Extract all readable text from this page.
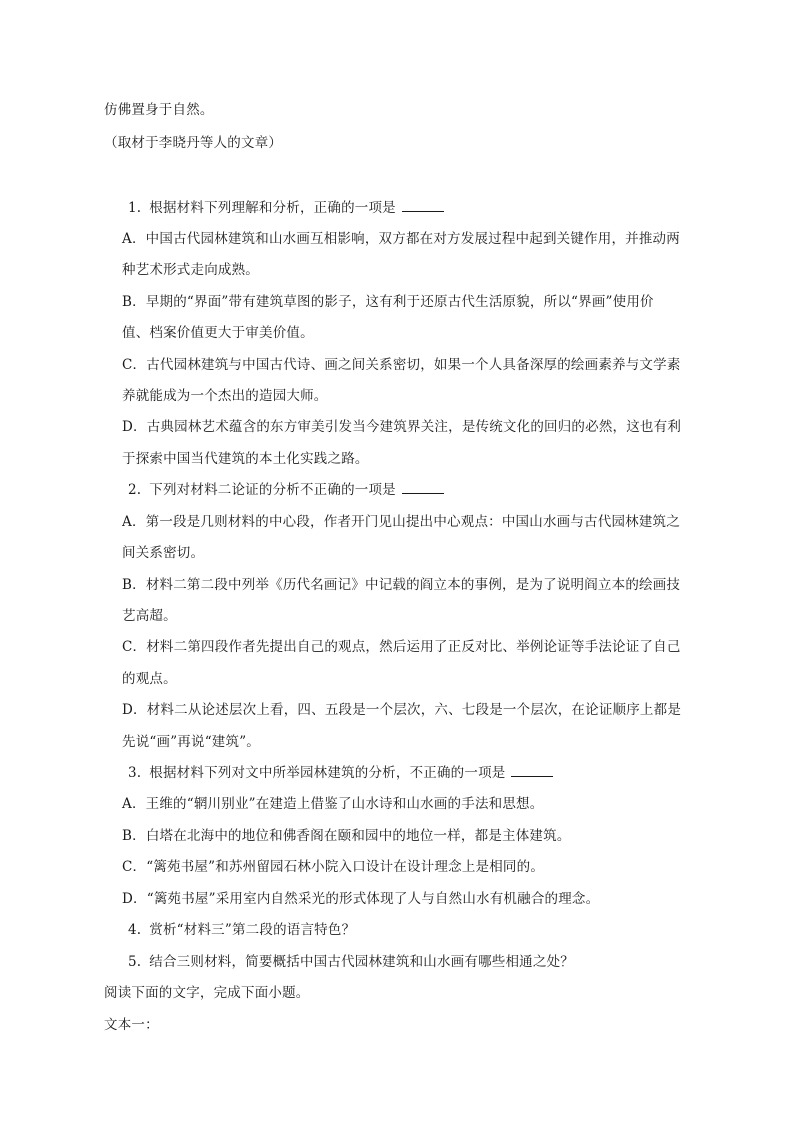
仿佛置身于自然。
（取材于李晓丹等人的文章）
1. 根据材料下列理解和分析，正确的一项是
A．中国古代园林建筑和山水画互相影响，双方都在对方发展过程中起到关键作用，并推动两
种艺术形式走向成熟。
B．早期的“界面”带有建筑草图的影子，这有利于还原古代生活原貌，所以“界画”使用价
值、档案价值更大于审美价值。
C．古代园林建筑与中国古代诗、画之间关系密切，如果一个人具备深厚的绘画素养与文学素
养就能成为一个杰出的造园大师。
D．古典园林艺术蕴含的东方审美引发当今建筑界关注，是传统文化的回归的必然，这也有利
于探索中国当代建筑的本土化实践之路。
2. 下列对材料二论证的分析不正确的一项是
A．第一段是几则材料的中心段，作者开门见山提出中心观点：中国山水画与古代园林建筑之
间关系密切。
B．材料二第二段中列举《历代名画记》中记载的阎立本的事例，是为了说明阎立本的绘画技
艺高超。
C．材料二第四段作者先提出自己的观点，然后运用了正反对比、举例论证等手法论证了自己
的观点。
D．材料二从论述层次上看，四、五段是一个层次，六、七段是一个层次，在论证顺序上都是
先说“画”再说“建筑”。
3. 根据材料下列对文中所举园林建筑的分析，不正确的一项是
A．王维的“辋川别业”在建造上借鉴了山水诗和山水画的手法和思想。
B．白塔在北海中的地位和佛香阁在颐和园中的地位一样，都是主体建筑。
C．“篱苑书屋”和苏州留园石林小院入口设计在设计理念上是相同的。
D．“篱苑书屋”采用室内自然采光的形式体现了人与自然山水有机融合的理念。
4. 赏析“材料三”第二段的语言特色？
5. 结合三则材料，简要概括中国古代园林建筑和山水画有哪些相通之处？
阅读下面的文字，完成下面小题。
文本一：
